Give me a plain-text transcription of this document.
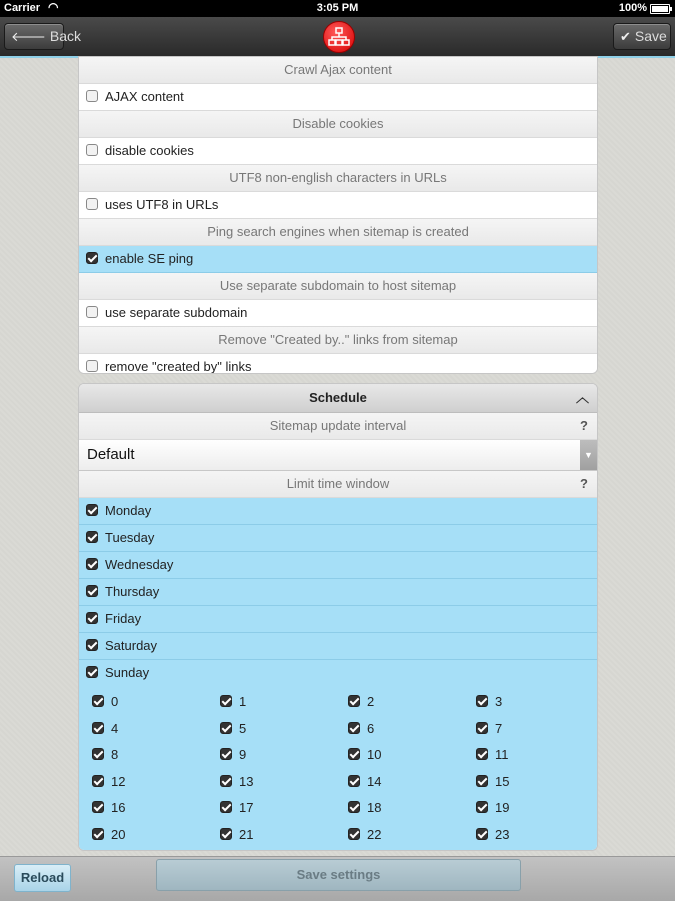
Carrier ◠	3:05 PM	100%
🡐 Back	✔ Save
Crawl Ajax content
AJAX content
Disable cookies
disable cookies
UTF8 non-english characters in URLs
uses UTF8 in URLs
Ping search engines when sitemap is created
enable SE ping
Use separate subdomain to host sitemap
use separate subdomain
Remove "Created by.." links from sitemap
remove "created by" links
Schedule	︿
Sitemap update interval	?
Default	▼
Limit time window	?
Monday
Tuesday
Wednesday
Thursday
Friday
Saturday
Sunday
0	1	2	3
4	5	6	7
8	9	10	11
12	13	14	15
16	17	18	19
20	21	22	23
Reload	Save settings
